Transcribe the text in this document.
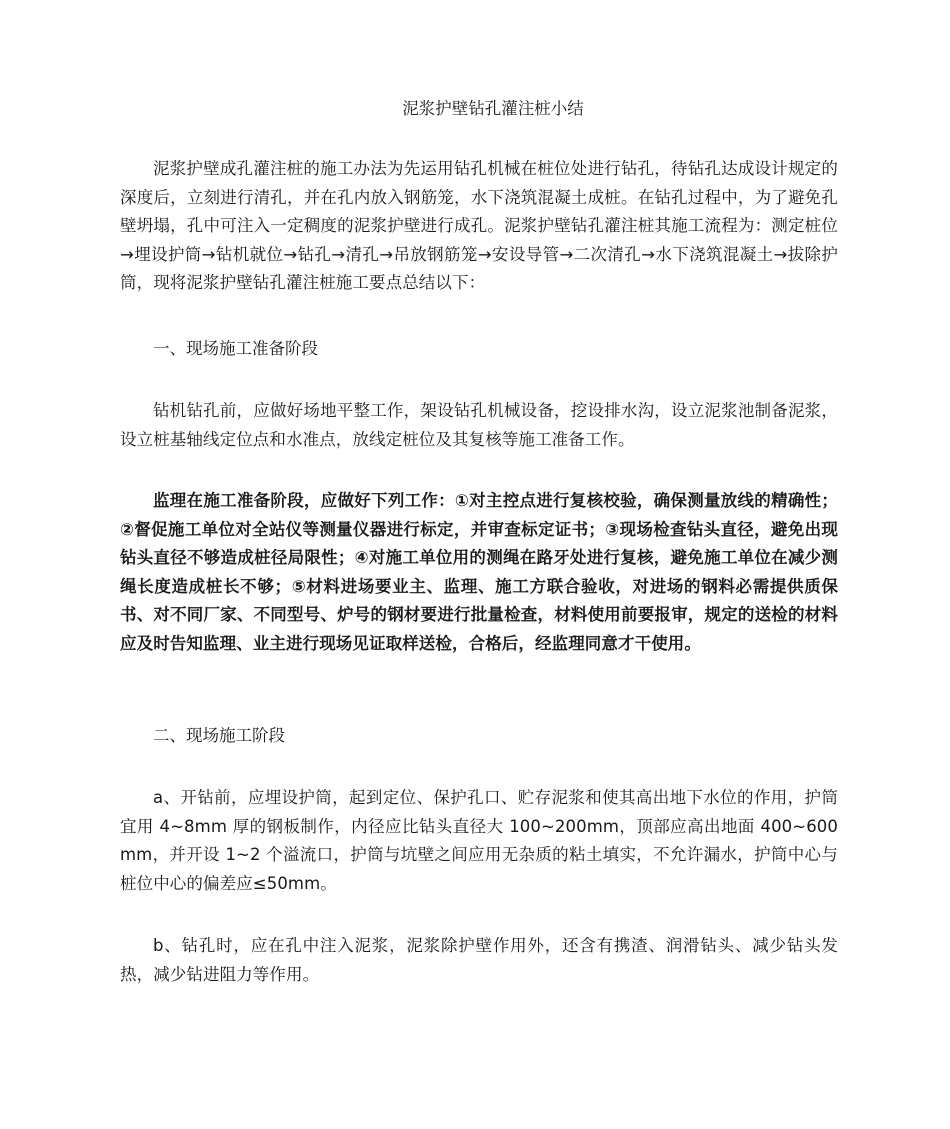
泥浆护壁钻孔灌注桩小结

泥浆护壁成孔灌注桩的施工办法为先运用钻孔机械在桩位处进行钻孔，待钻孔达成设计规定的深度后，立刻进行清孔，并在孔内放入钢筋笼，水下浇筑混凝土成桩。在钻孔过程中，为了避免孔壁坍塌，孔中可注入一定稠度的泥浆护壁进行成孔。泥浆护壁钻孔灌注桩其施工流程为：测定桩位→埋设护筒→钻机就位→钻孔→清孔→吊放钢筋笼→安设导管→二次清孔→水下浇筑混凝土→拔除护筒，现将泥浆护壁钻孔灌注桩施工要点总结以下：

一、现场施工准备阶段

钻机钻孔前，应做好场地平整工作，架设钻孔机械设备，挖设排水沟，设立泥浆池制备泥浆，设立桩基轴线定位点和水准点，放线定桩位及其复核等施工准备工作。

监理在施工准备阶段，应做好下列工作：①对主控点进行复核校验，确保测量放线的精确性；②督促施工单位对全站仪等测量仪器进行标定，并审查标定证书；③现场检查钻头直径，避免出现钻头直径不够造成桩径局限性；④对施工单位用的测绳在路牙处进行复核，避免施工单位在减少测绳长度造成桩长不够；⑤材料进场要业主、监理、施工方联合验收，对进场的钢料必需提供质保书、对不同厂家、不同型号、炉号的钢材要进行批量检查，材料使用前要报审，规定的送检的材料应及时告知监理、业主进行现场见证取样送检，合格后，经监理同意才干使用。

二、现场施工阶段

a、开钻前，应埋设护筒，起到定位、保护孔口、贮存泥浆和使其高出地下水位的作用，护筒宜用 4~8mm 厚的钢板制作，内径应比钻头直径大 100~200mm，顶部应高出地面 400~600mm，并开设 1~2 个溢流口，护筒与坑壁之间应用无杂质的粘土填实，不允许漏水，护筒中心与桩位中心的偏差应≤50mm。

b、钻孔时，应在孔中注入泥浆，泥浆除护壁作用外，还含有携渣、润滑钻头、减少钻头发热，减少钻进阻力等作用。
